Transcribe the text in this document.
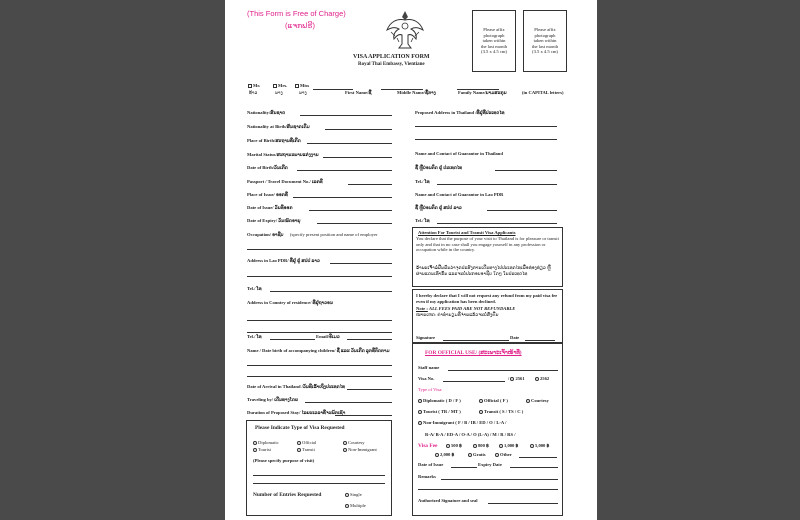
(This Form is Free of Charge)
(ແຈກຟຣີ)
VISA APPLICATION FORM
Royal Thai Embassy, Vientiane
Please affix
photograph
taken within
the last month
(3.5 x 4.5 cm)
Please affix
photograph
taken within
the last month
(3.5 x 4.5 cm)
Mr.
ທ້າວ
Mrs.
ນາງ
Miss
ນາງ	First Name/ຊື່	Middle Name/ຊື່ກາງ	Family Name/ນາມສະກຸນ	(in CAPITAL letters)
Nationality/ສັນຊາດ
Nationality at Birth/ສັນຊາດເດີມ
Place of Birth/ສະຖານທີ່ເກີດ
Marital Status/ສະຖານະພາບແຕ່ງງານ
Date of Birth/ວັນເກີດ
Passport / Travel Document No./ ເລກທີ
Place of Issue/ ອອກທີ່
Date of Issue/ ວັນທີອອກ
Date of Expiry/ ວັນໝົດອາຍຸ
Occupation/ ອາຊີບ (specify present position and name of employer
Address in Lao PDR/ ທີ່ຢູ່ ຢູ່ ສປປ ລາວ
Tel./ ໂທ
Address in Country of residence/ ທີ່ຢູ່ຖາວອນ
Tel./ ໂທ	Email/ອີເມວ
Name / Date birth of accompanying children/ ຊື່ ແລະ ວັນເກີດ ລູກທີ່ຕິດຕາມ
Date of Arrival in Thailand /ວັນທີເຂົ້າເຖິງປະເທດໄທ
Traveling by/ ເດີນທາງໂດຍ
Duration of Proposed Stay/ ໄລຍະເວລາທີ່ຈະພັກເຊົາ
Please Indicate Type of Visa Requested
Diplomatic	Official	Courtesy
Tourist	Transit	Non-Immigrant
(Please specify purpose of visit)
Number of Entries Requested	Single
Multiple
Proposed Address in Thailand /ທີ່ຢູ່ທີ່ປະເທດໄທ
Name and Contact of Guarantor in Thailand
ຊື່ ຫຼືບ່ອນຕິດ ຢູ່ ປະເທດໄທ
Tel./ ໂທ
Name and Contact of Guarantor in Lao PDR
ຊື່ ຫຼືບ່ອນຕິດ ຢູ່ ສປປ ລາວ
Tel./ ໂທ
Attention For Tourist and Transit Visa Applicants
You declare that the purpose of your visit to Thailand is for pleasure or transit only and that in no case shall you engage yourself in any profession or occupation while in the country.
ຂ້າພະເຈົ້າຂໍຢືນຢັນວ່າຈຸດປະສົງການເດີນທາງໄປປະເທດໄທເພື່ອທ່ອງທ່ຽວ ຫຼື ຜ່ານແດນເທົ່ານັ້ນ ແລະຈະບໍ່ປະກອບອາຊີບ ໃດໆ ໃນປະເທດໄທ
I hereby declare that I will not request any refund from my paid visa fee even if my application has been declined.
Note : ALL FEES PAID ARE NOT REFUNDABLE
ໝາຍເຫດ: ຄ່າທຳນຽມທີ່ຈ່າຍແລ້ວຈະບໍ່ສົ່ງຄືນ
Signature	Date
FOR OFFICIAL USE/ (ສະເພາະເຈົ້າໜ້າທີ່)
Staff name
Visa No.	/ 2561	2562
Type of Visa:
Diplomatic ( D / F )	Official ( F )	Courtesy
Tourist ( TR / MT )	Transit ( S / TS / C )
Non-Immigrant ( F / B / IB / ED / O / L-A /
R-A/ B-A / ED-A / O-A / O (L-A) / M / R / RS /
Visa Fee	500 ฿	800 ฿	1,000 ฿	5,000 ฿
2,000 ฿	Gratis	Other
Date of Issue	Expiry Date
Remarks
Authorized Signature and seal
